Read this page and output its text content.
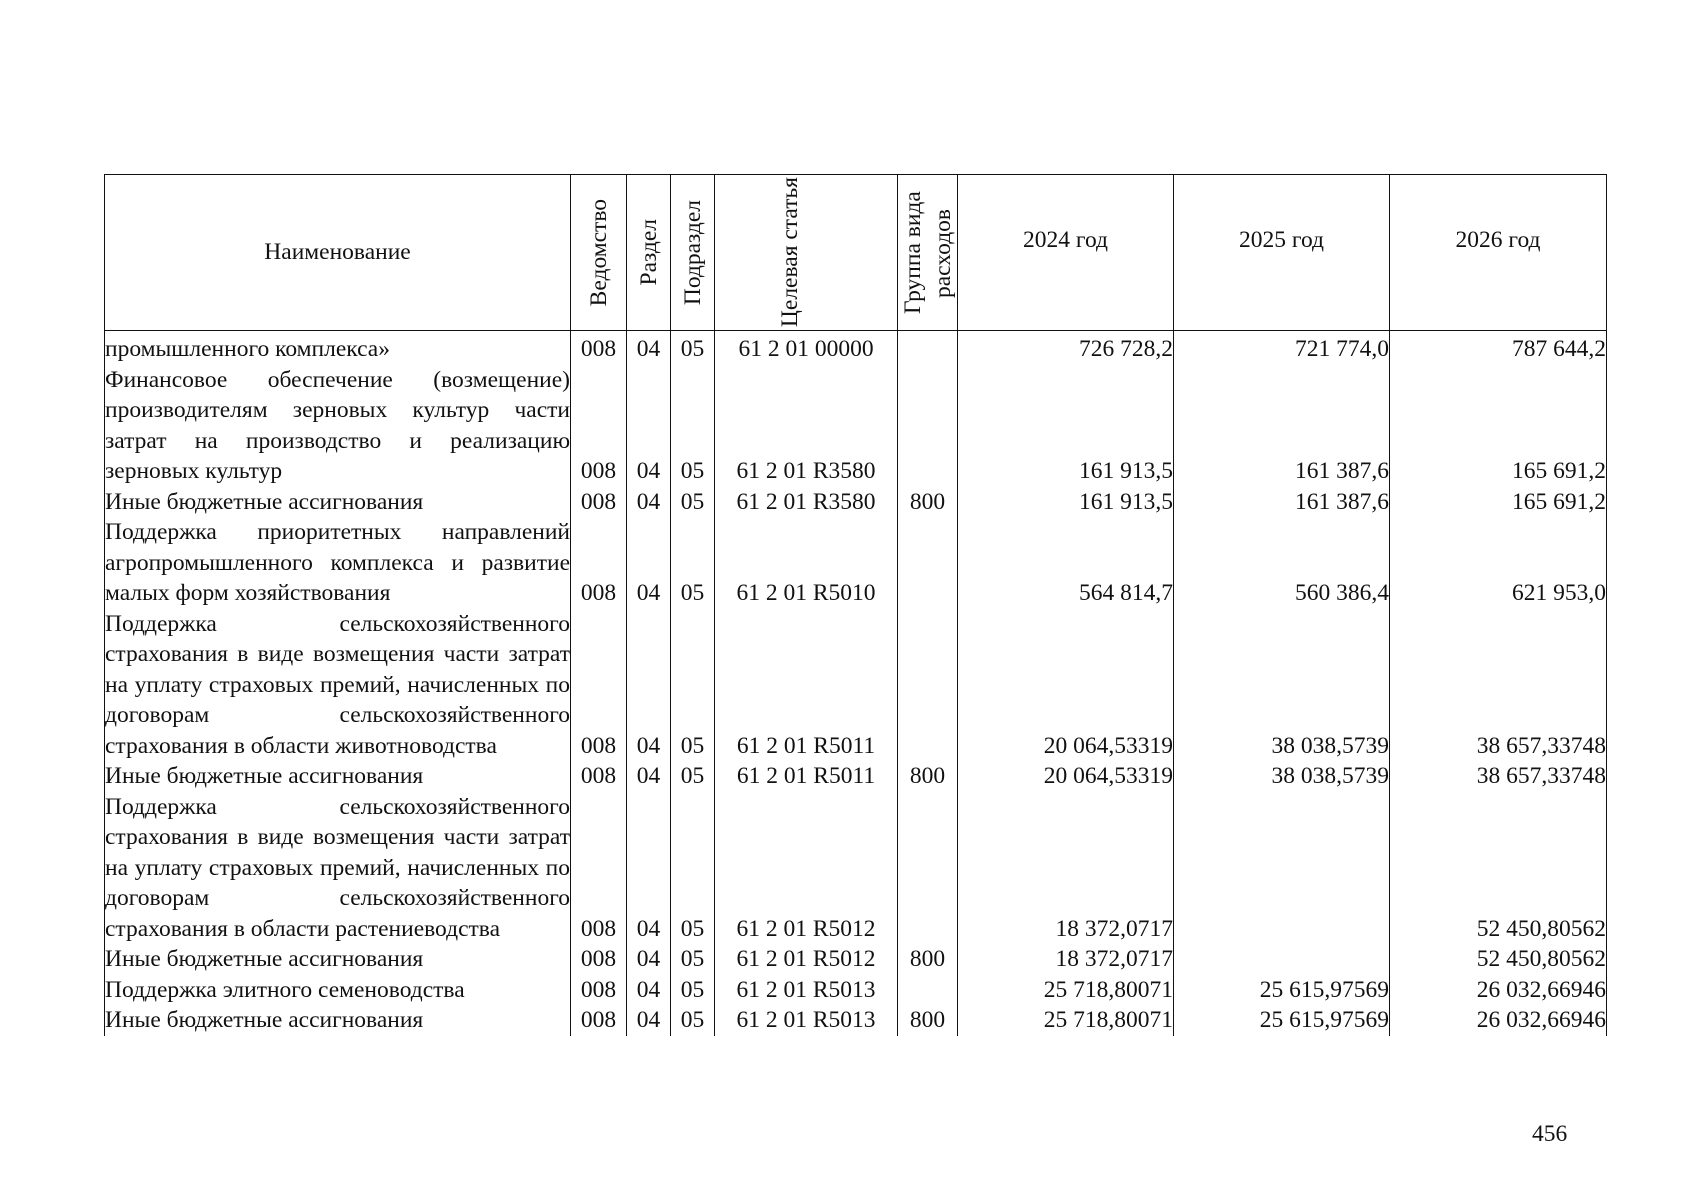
Наименование	Ведомство	Раздел	Подраздел	Целевая статья	Группа вида расходов	2024 год	2025 год	2026 год

промышленного комплекса»	008	04	05	61 2 01 00000		726 728,2	721 774,0	787 644,2
Финансовое обеспечение (возмещение) производителям зерновых культур части затрат на производство и реализацию зерновых культур	008	04	05	61 2 01 R3580		161 913,5	161 387,6	165 691,2
Иные бюджетные ассигнования	008	04	05	61 2 01 R3580	800	161 913,5	161 387,6	165 691,2
Поддержка приоритетных направлений агропромышленного комплекса и развитие малых форм хозяйствования	008	04	05	61 2 01 R5010		564 814,7	560 386,4	621 953,0
Поддержка сельскохозяйственного страхования в виде возмещения части затрат на уплату страховых премий, начисленных по договорам сельскохозяйственного страхования в области животноводства	008	04	05	61 2 01 R5011		20 064,53319	38 038,5739	38 657,33748
Иные бюджетные ассигнования	008	04	05	61 2 01 R5011	800	20 064,53319	38 038,5739	38 657,33748
Поддержка сельскохозяйственного страхования в виде возмещения части затрат на уплату страховых премий, начисленных по договорам сельскохозяйственного страхования в области растениеводства	008	04	05	61 2 01 R5012		18 372,0717		52 450,80562
Иные бюджетные ассигнования	008	04	05	61 2 01 R5012	800	18 372,0717		52 450,80562
Поддержка элитного семеноводства	008	04	05	61 2 01 R5013		25 718,80071	25 615,97569	26 032,66946
Иные бюджетные ассигнования	008	04	05	61 2 01 R5013	800	25 718,80071	25 615,97569	26 032,66946
456
